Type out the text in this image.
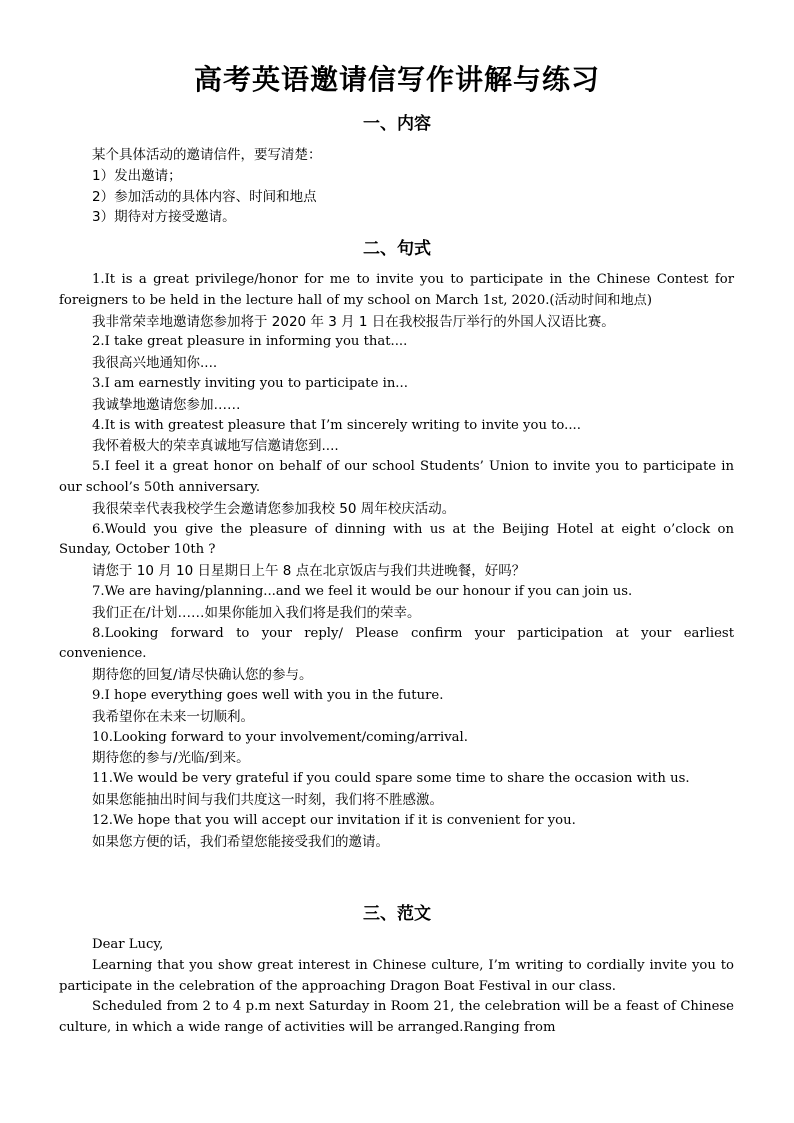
高考英语邀请信写作讲解与练习
一、内容

某个具体活动的邀请信件，要写清楚：

1）发出邀请；

2）参加活动的具体内容、时间和地点

3）期待对方接受邀请。

二、句式

1.It is a great privilege/honor for me to invite you to participate in the Chinese Contest for foreigners to be held in the lecture hall of my school on March 1st, 2020.(活动时间和地点)

我非常荣幸地邀请您参加将于 2020 年 3 月 1 日在我校报告厅举行的外国人汉语比赛。

2.I take great pleasure in informing you that....

我很高兴地通知你....

3.I am earnestly inviting you to participate in...

我诚挚地邀请您参加……

4.It is with greatest pleasure that I’m sincerely writing to invite you to....

我怀着极大的荣幸真诚地写信邀请您到....

5.I feel it a great honor on behalf of our school Students’ Union to invite you to participate in our school’s 50th anniversary.

我很荣幸代表我校学生会邀请您参加我校 50 周年校庆活动。

6.Would you give the pleasure of dinning with us at the Beijing Hotel at eight o’clock on Sunday, October 10th ?

请您于 10 月 10 日星期日上午 8 点在北京饭店与我们共进晚餐，好吗？

7.We are having/planning...and we feel it would be our honour if you can join us.

我们正在/计划……如果你能加入我们将是我们的荣幸。

8.Looking forward to your reply/ Please confirm your participation at your earliest convenience.

期待您的回复/请尽快确认您的参与。

9.I hope everything goes well with you in the future.

我希望你在未来一切顺利。

10.Looking forward to your involvement/coming/arrival.

期待您的参与/光临/到来。

11.We would be very grateful if you could spare some time to share the occasion with us.

如果您能抽出时间与我们共度这一时刻，我们将不胜感激。

12.We hope that you will accept our invitation if it is convenient for you.

如果您方便的话，我们希望您能接受我们的邀请。

三、范文

Dear Lucy,

Learning that you show great interest in Chinese culture, I’m writing to cordially invite you to participate in the celebration of the approaching Dragon Boat Festival in our class.

Scheduled from 2 to 4 p.m next Saturday in Room 21, the celebration will be a feast of Chinese culture, in which a wide range of activities will be arranged.Ranging from
